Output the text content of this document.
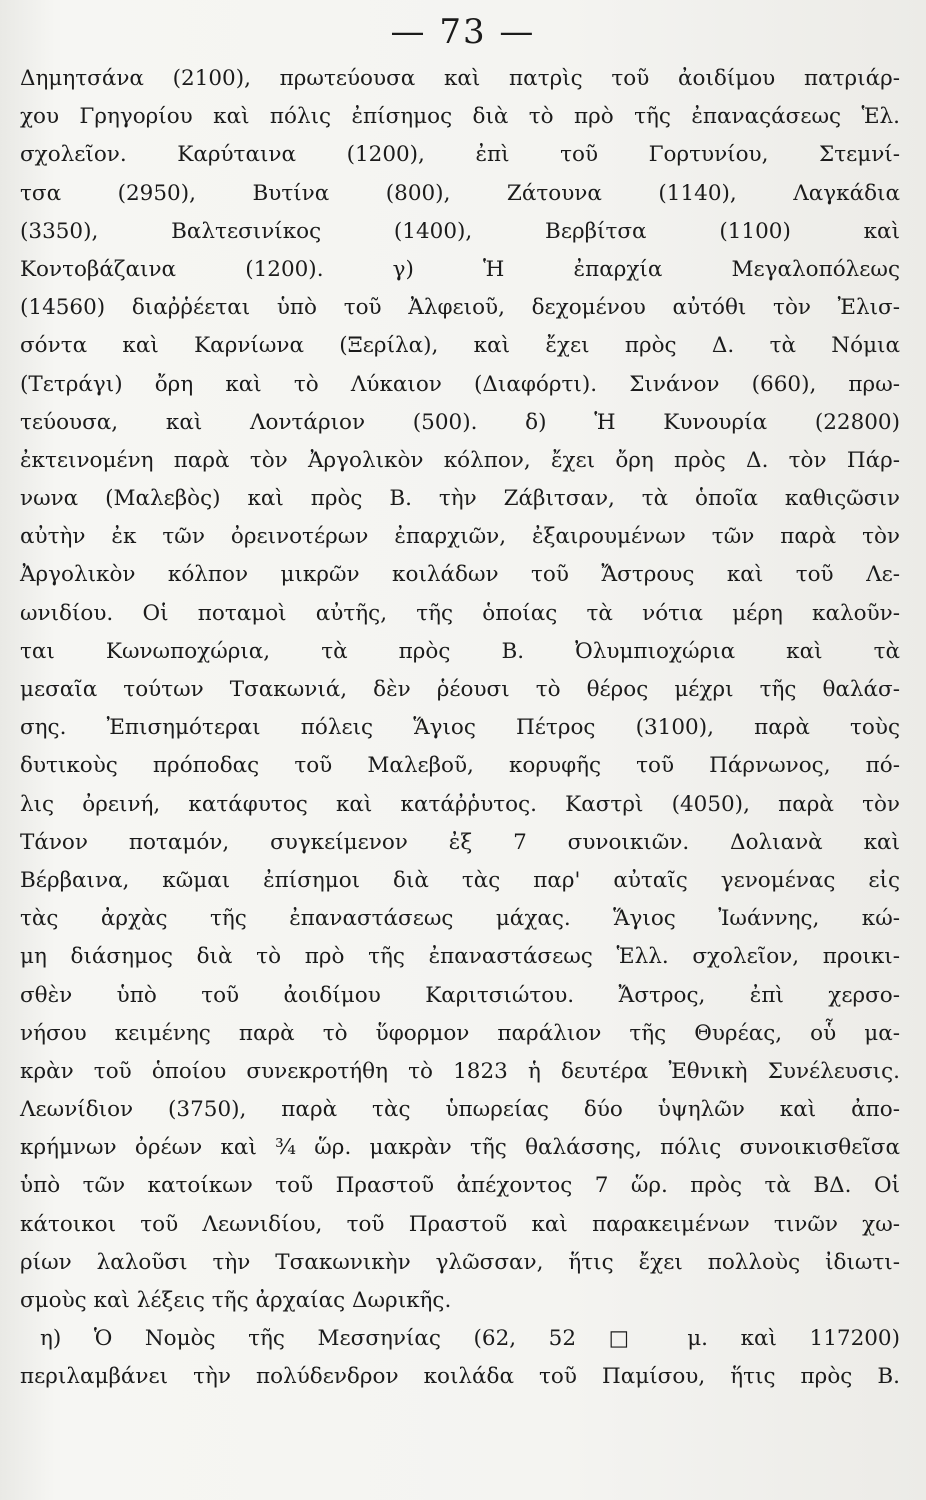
— 73 —
Δημητσάνα (2100), πρωτεύουσα καὶ πατρὶς τοῦ ἀοιδίμου πατριάρ-
χου Γρηγορίου καὶ πόλις ἐπίσημος διὰ τὸ πρὸ τῆς ἐπαναςάσεως Ἑλ.
σχολεῖον. Καρύταινα (1200), ἐπὶ τοῦ Γορτυνίου, Στεμνί-
τσα (2950), Βυτίνα (800), Ζάτουνα (1140), Λαγκάδια
(3350), Βαλτεσινίκος (1400), Βερβίτσα (1100) καὶ
Κοντοβάζαινα (1200). γ) Ἡ ἐπαρχία Μεγαλοπόλεως
(14560) διαῤῥέεται ὑπὸ τοῦ Ἀλφειοῦ, δεχομένου αὐτόθι τὸν Ἐλισ-
σόντα καὶ Καρνίωνα (Ξερίλα), καὶ ἔχει πρὸς Δ. τὰ Νόμια
(Τετράγι) ὄρη καὶ τὸ Λύκαιον (Διαφόρτι). Σινάνον (660), πρω-
τεύουσα, καὶ Λοντάριον (500). δ) Ἡ Κυνουρία (22800)
ἐκτεινομένη παρὰ τὸν Ἀργολικὸν κόλπον, ἔχει ὄρη πρὸς Δ. τὸν Πάρ-
νωνα (Μαλεβὸς) καὶ πρὸς Β. τὴν Ζάβιτσαν, τὰ ὁποῖα καθιςῶσιν
αὐτὴν ἐκ τῶν ὀρεινοτέρων ἐπαρχιῶν, ἐξαιρουμένων τῶν παρὰ τὸν
Ἀργολικὸν κόλπον μικρῶν κοιλάδων τοῦ Ἄστρους καὶ τοῦ Λε-
ωνιδίου. Οἱ ποταμοὶ αὐτῆς, τῆς ὁποίας τὰ νότια μέρη καλοῦν-
ται Κωνωποχώρια, τὰ πρὸς Β. Ὀλυμπιοχώρια καὶ τὰ
μεσαῖα τούτων Τσακωνιά, δὲν ῥέουσι τὸ θέρος μέχρι τῆς θαλάσ-
σης. Ἐπισημότεραι πόλεις Ἅγιος Πέτρος (3100), παρὰ τοὺς
δυτικοὺς πρόποδας τοῦ Μαλεβοῦ, κορυφῆς τοῦ Πάρνωνος, πό-
λις ὀρεινή, κατάφυτος καὶ κατάῤῥυτος. Καστρὶ (4050), παρὰ τὸν
Τάνον ποταμόν, συγκείμενον ἐξ 7 συνοικιῶν. Δολιανὰ καὶ
Βέρβαινα, κῶμαι ἐπίσημοι διὰ τὰς παρ' αὐταῖς γενομένας εἰς
τὰς ἀρχὰς τῆς ἐπαναστάσεως μάχας. Ἅγιος Ἰωάννης, κώ-
μη διάσημος διὰ τὸ πρὸ τῆς ἐπαναστάσεως Ἑλλ. σχολεῖον, προικι-
σθὲν ὑπὸ τοῦ ἀοιδίμου Καριτσιώτου. Ἄστρος, ἐπὶ χερσο-
νήσου κειμένης παρὰ τὸ ὕφορμον παράλιον τῆς Θυρέας, οὗ μα-
κρὰν τοῦ ὁποίου συνεκροτήθη τὸ 1823 ἡ δευτέρα Ἐθνικὴ Συνέλευσις.
Λεωνίδιον (3750), παρὰ τὰς ὑπωρείας δύο ὑψηλῶν καὶ ἀπο-
κρήμνων ὀρέων καὶ ¾ ὥρ. μακρὰν τῆς θαλάσσης, πόλις συνοικισθεῖσα
ὑπὸ τῶν κατοίκων τοῦ Πραστοῦ ἀπέχοντος 7 ὥρ. πρὸς τὰ ΒΔ. Οἱ
κάτοικοι τοῦ Λεωνιδίου, τοῦ Πραστοῦ καὶ παρακειμένων τινῶν χω-
ρίων λαλοῦσι τὴν Τσακωνικὴν γλῶσσαν, ἥτις ἔχει πολλοὺς ἰδιωτι-
σμοὺς καὶ λέξεις τῆς ἀρχαίας Δωρικῆς.
η) Ὁ Νομὸς τῆς Μεσσηνίας (62, 52 □ μ. καὶ 117200)
περιλαμβάνει τὴν πολύδενδρον κοιλάδα τοῦ Παμίσου, ἥτις πρὸς Β.
